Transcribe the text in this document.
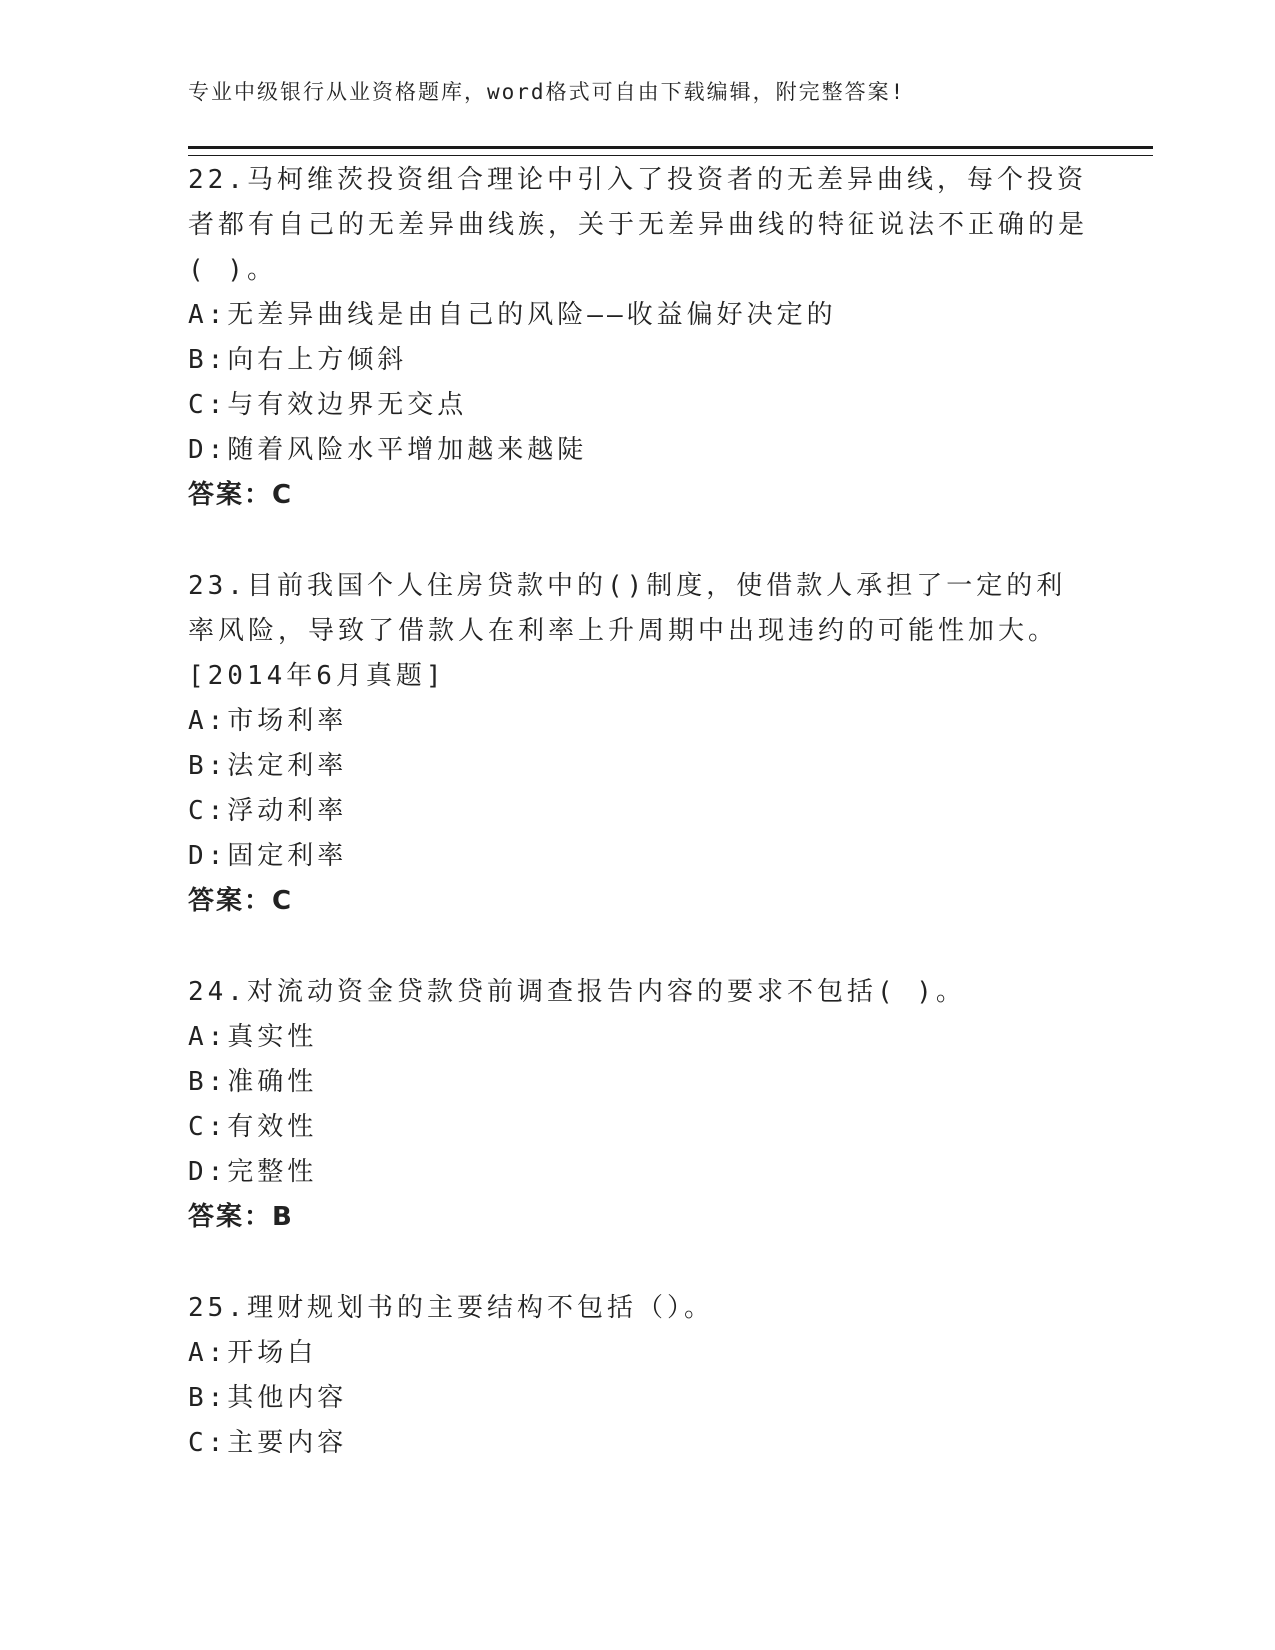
专业中级银行从业资格题库，word格式可自由下载编辑，附完整答案!
22.马柯维茨投资组合理论中引入了投资者的无差异曲线，每个投资者都有自己的无差异曲线族，关于无差异曲线的特征说法不正确的是( )。
A:无差异曲线是由自己的风险——收益偏好决定的
B:向右上方倾斜
C:与有效边界无交点
D:随着风险水平增加越来越陡
答案：C
23.目前我国个人住房贷款中的()制度，使借款人承担了一定的利率风险，导致了借款人在利率上升周期中出现违约的可能性加大。[2014年6月真题]
A:市场利率
B:法定利率
C:浮动利率
D:固定利率
答案：C
24.对流动资金贷款贷前调查报告内容的要求不包括( )。
A:真实性
B:准确性
C:有效性
D:完整性
答案：B
25.理财规划书的主要结构不包括（）。
A:开场白
B:其他内容
C:主要内容
